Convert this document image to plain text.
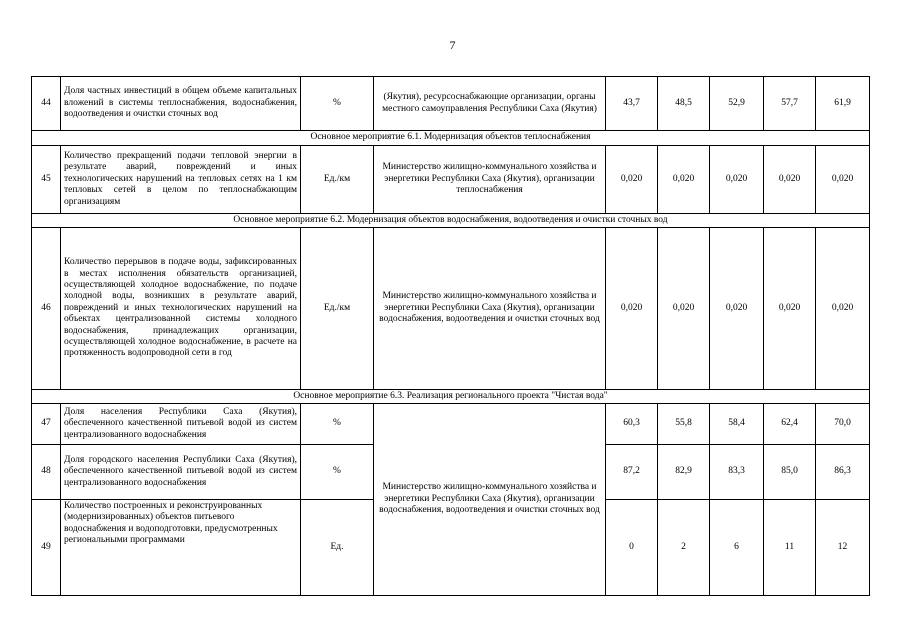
7
44	Доля частных инвестиций в общем объеме капитальных вложений в системы теплоснабжения, водоснабжения, водоотведения и очистки сточных вод	%	(Якутия), ресурсоснабжающие организации, органы местного самоуправления Республики Саха (Якутия)	43,7	48,5	52,9	57,7	61,9
Основное мероприятие 6.1. Модернизация объектов теплоснабжения								
45	Количество прекращений подачи тепловой энергии в результате аварий, повреждений и иных технологических нарушений на тепловых сетях на 1 км тепловых сетей в целом по теплоснабжающим организациям	Ед./км	Министерство жилищно-коммунального хозяйства и энергетики Республики Саха (Якутия), организации теплоснабжения	0,020	0,020	0,020	0,020	0,020
Основное мероприятие 6.2. Модернизация объектов водоснабжения, водоотведения и очистки сточных вод								
46	Количество перерывов в подаче воды, зафиксированных в местах исполнения обязательств организацией, осуществляющей холодное водоснабжение, по подаче холодной воды, возникших в результате аварий, повреждений и иных технологических нарушений на объектах централизованной системы холодного водоснабжения, принадлежащих организации, осуществляющей холодное водоснабжение, в расчете на протяженность водопроводной сети в год	Ед./км	Министерство жилищно-коммунального хозяйства и энергетики Республики Саха (Якутия), организации водоснабжения, водоотведения и очистки сточных вод	0,020	0,020	0,020	0,020	0,020
Основное мероприятие 6.3. Реализация регионального проекта "Чистая вода"								
47	Доля населения Республики Саха (Якутия), обеспеченного качественной питьевой водой из систем централизованного водоснабжения	%	Министерство жилищно-коммунального хозяйства и энергетики Республики Саха (Якутия), организации водоснабжения, водоотведения и очистки сточных вод	60,3	55,8	58,4	62,4	70,0
48	Доля городского населения Республики Саха (Якутия), обеспеченного качественной питьевой водой из систем централизованного водоснабжения	%		87,2	82,9	83,3	85,0	86,3
49	Количество построенных и реконструированных (модернизированных) объектов питьевого водоснабжения и водоподготовки, предусмотренных региональными программами	Ед.		0	2	6	11	12
